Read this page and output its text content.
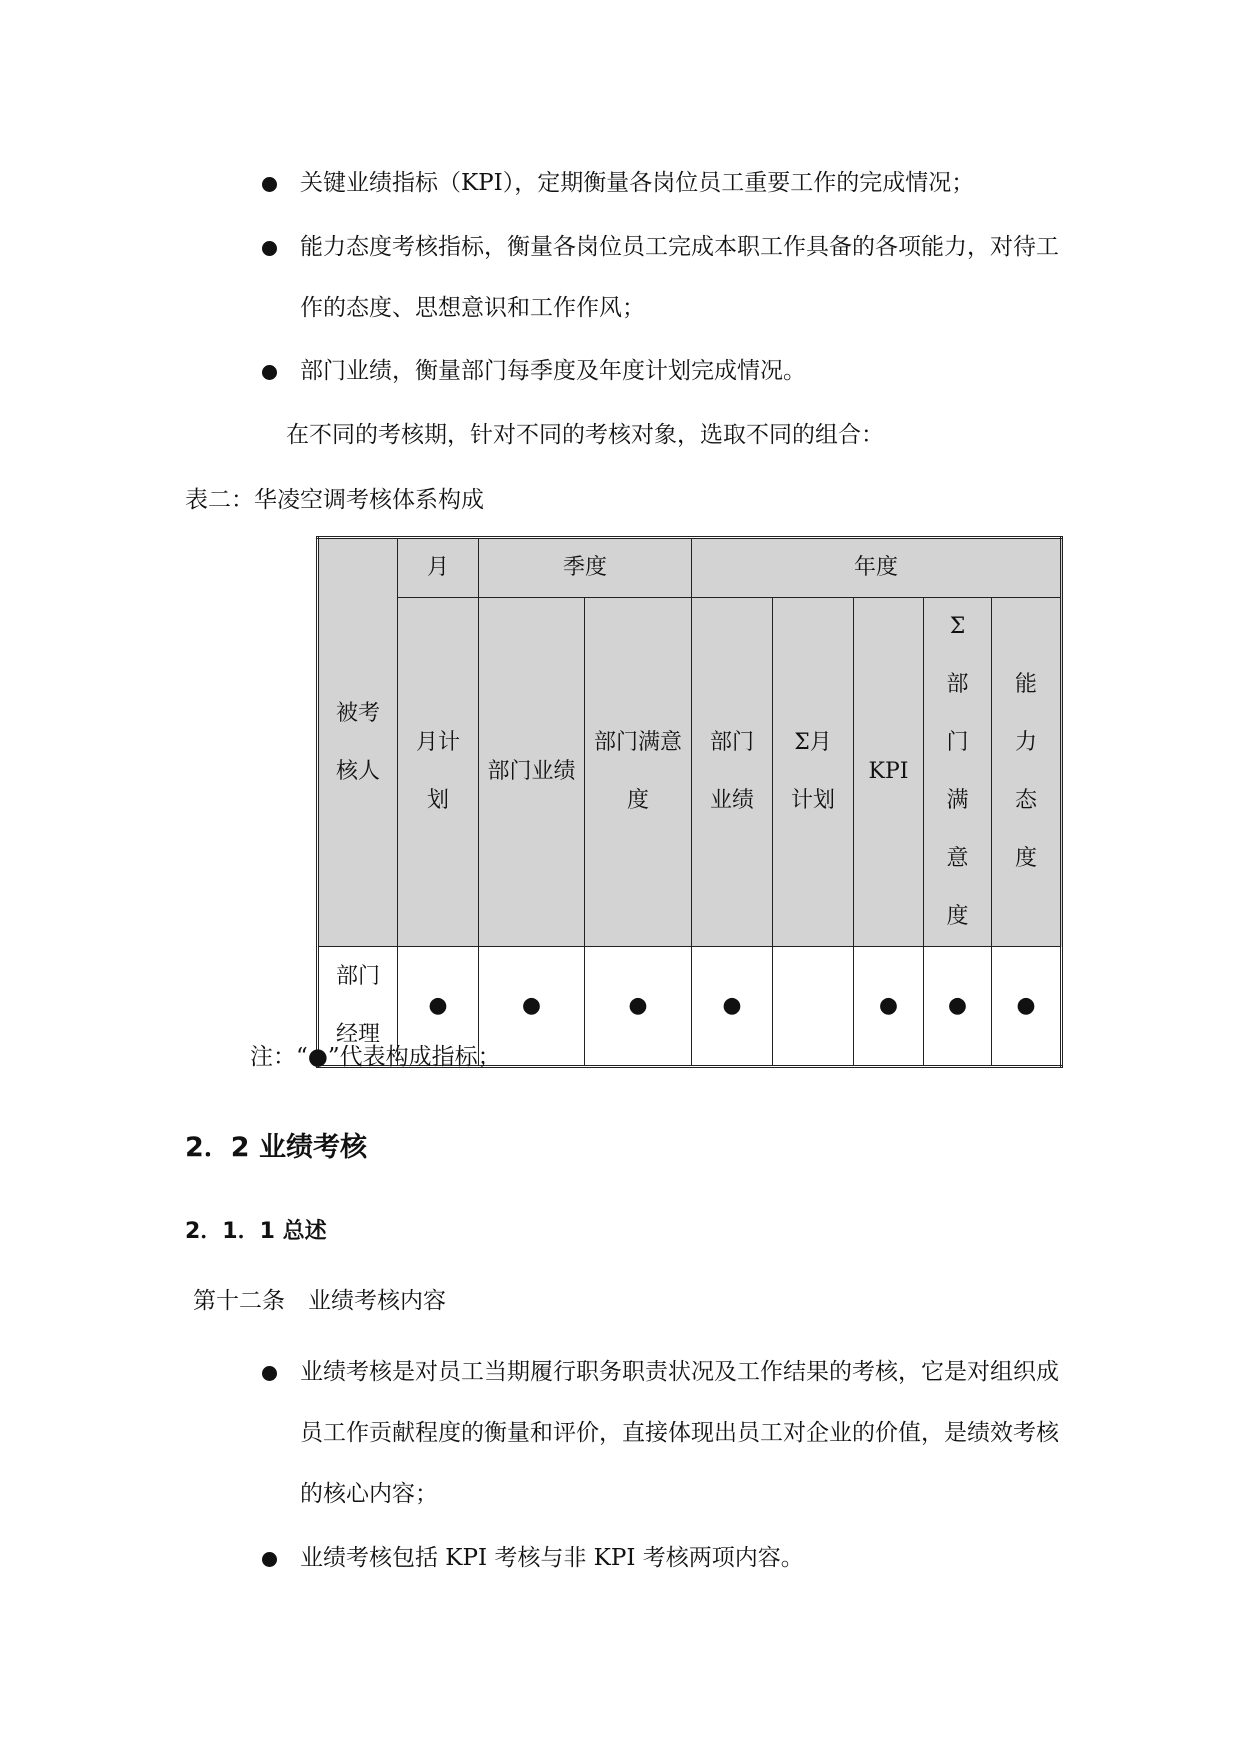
关键业绩指标（KPI），定期衡量各岗位员工重要工作的完成情况；
能力态度考核指标，衡量各岗位员工完成本职工作具备的各项能力，对待工作的态度、思想意识和工作作风；
部门业绩，衡量部门每季度及年度计划完成情况。
在不同的考核期，针对不同的考核对象，选取不同的组合：
表二：华凌空调考核体系构成
被考核人	月	季度		年度				
	月计划	部门业绩	部门满意度	部门业绩	Σ月计划	KPI	Σ部门满意度	能力态度
部门经理	●	●	●	●		●	●	●
注：“●”代表构成指标；
2．2 业绩考核
2．1．1 总述
第十二条　业绩考核内容
业绩考核是对员工当期履行职务职责状况及工作结果的考核，它是对组织成员工作贡献程度的衡量和评价，直接体现出员工对企业的价值，是绩效考核的核心内容；
业绩考核包括 KPI 考核与非 KPI 考核两项内容。
